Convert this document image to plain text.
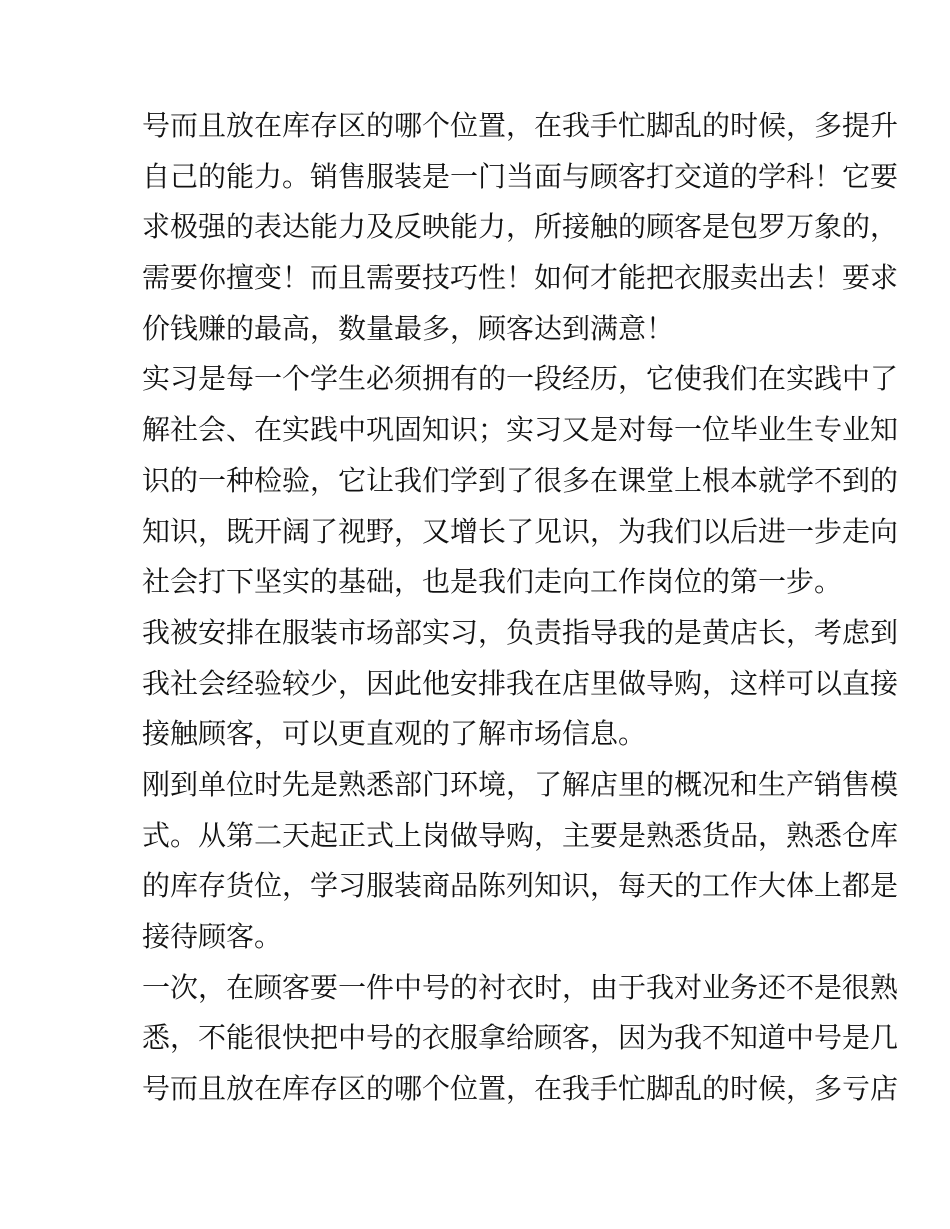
号而且放在库存区的哪个位置，在我手忙脚乱的时候，多提升
自己的能力。销售服装是一门当面与顾客打交道的学科！它要
求极强的表达能力及反映能力，所接触的顾客是包罗万象的，
需要你擅变！而且需要技巧性！如何才能把衣服卖出去！要求
价钱赚的最高，数量最多，顾客达到满意！
实习是每一个学生必须拥有的一段经历，它使我们在实践中了
解社会、在实践中巩固知识；实习又是对每一位毕业生专业知
识的一种检验，它让我们学到了很多在课堂上根本就学不到的
知识，既开阔了视野，又增长了见识，为我们以后进一步走向
社会打下坚实的基础，也是我们走向工作岗位的第一步。
我被安排在服装市场部实习，负责指导我的是黄店长，考虑到
我社会经验较少，因此他安排我在店里做导购，这样可以直接
接触顾客，可以更直观的了解市场信息。
刚到单位时先是熟悉部门环境，了解店里的概况和生产销售模
式。从第二天起正式上岗做导购，主要是熟悉货品，熟悉仓库
的库存货位，学习服装商品陈列知识，每天的工作大体上都是
接待顾客。
一次，在顾客要一件中号的衬衣时，由于我对业务还不是很熟
悉，不能很快把中号的衣服拿给顾客，因为我不知道中号是几
号而且放在库存区的哪个位置，在我手忙脚乱的时候，多亏店
